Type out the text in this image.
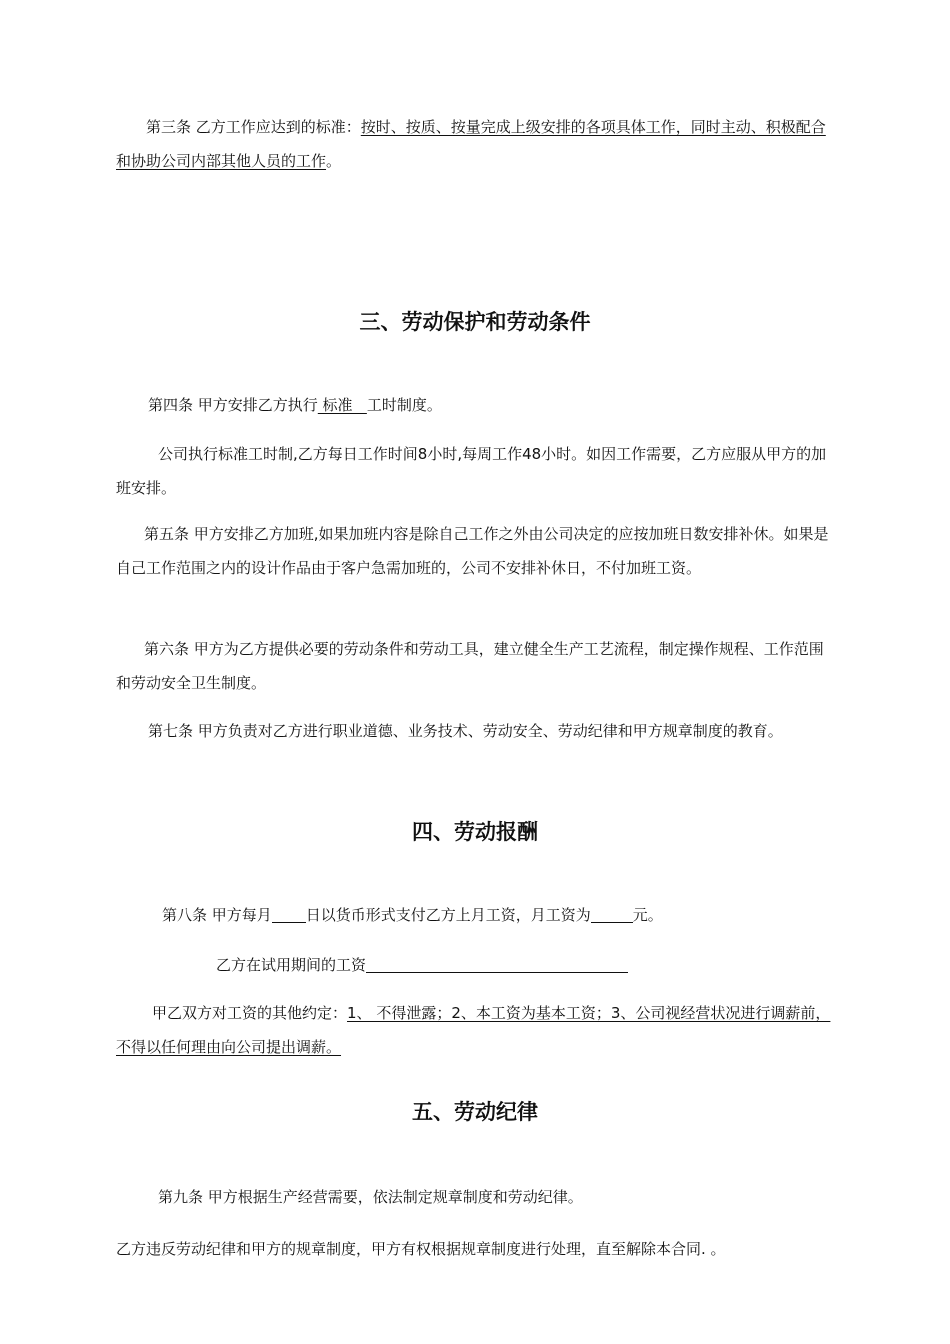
第三条 乙方工作应达到的标准：按时、按质、按量完成上级安排的各项具体工作，同时主动、积极配合和协助公司内部其他人员的工作。

三、劳动保护和劳动条件

第四条 甲方安排乙方执行 标准   工时制度。

公司执行标准工时制,乙方每日工作时间8小时,每周工作48小时。如因工作需要，乙方应服从甲方的加班安排。

第五条 甲方安排乙方加班,如果加班内容是除自己工作之外由公司决定的应按加班日数安排补休。如果是自己工作范围之内的设计作品由于客户急需加班的，公司不安排补休日，不付加班工资。

第六条 甲方为乙方提供必要的劳动条件和劳动工具，建立健全生产工艺流程，制定操作规程、工作范围和劳动安全卫生制度。

第七条 甲方负责对乙方进行职业道德、业务技术、劳动安全、劳动纪律和甲方规章制度的教育。

四、劳动报酬

第八条 甲方每月 日以货币形式支付乙方上月工资，月工资为	元。

乙方在试用期间的工资

甲乙双方对工资的其他约定：1、 不得泄露；2、本工资为基本工资；3、公司视经营状况进行调薪前，不得以任何理由向公司提出调薪。

五、劳动纪律

第九条 甲方根据生产经营需要，依法制定规章制度和劳动纪律。

乙方违反劳动纪律和甲方的规章制度，甲方有权根据规章制度进行处理，直至解除本合同. 。
